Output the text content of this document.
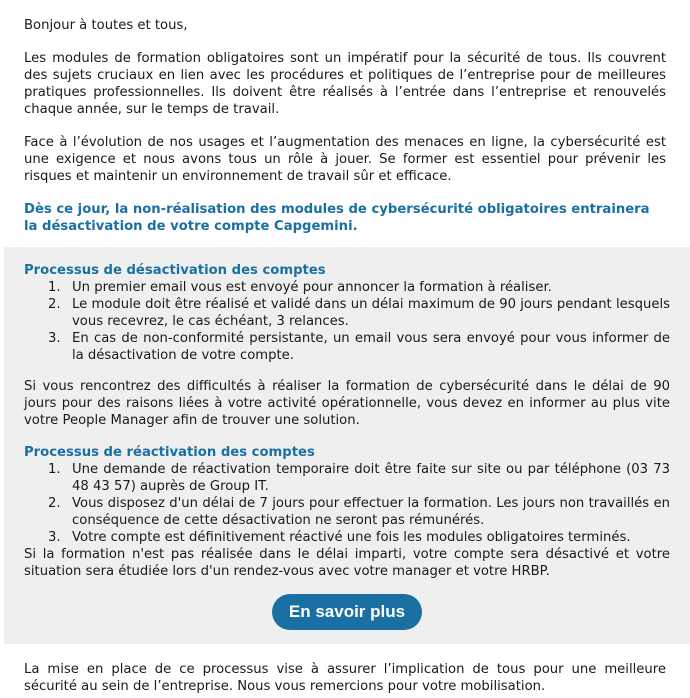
Bonjour à toutes et tous,

Les modules de formation obligatoires sont un impératif pour la sécurité de tous. Ils couvrent des sujets cruciaux en lien avec les procédures et politiques de l’entreprise pour de meilleures pratiques professionnelles. Ils doivent être réalisés à l’entrée dans l’entreprise et renouvelés chaque année, sur le temps de travail.

Face à l’évolution de nos usages et l’augmentation des menaces en ligne, la cybersécurité est une exigence et nous avons tous un rôle à jouer. Se former est essentiel pour prévenir les risques et maintenir un environnement de travail sûr et efficace.

Dès ce jour, la non-réalisation des modules de cybersécurité obligatoires entrainera la désactivation de votre compte Capgemini.

Processus de désactivation des comptes

1. Un premier email vous est envoyé pour annoncer la formation à réaliser.
2. Le module doit être réalisé et validé dans un délai maximum de 90 jours pendant lesquels vous recevrez, le cas échéant, 3 relances.
3. En cas de non-conformité persistante, un email vous sera envoyé pour vous informer de la désactivation de votre compte.

Si vous rencontrez des difficultés à réaliser la formation de cybersécurité dans le délai de 90 jours pour des raisons liées à votre activité opérationnelle, vous devez en informer au plus vite votre People Manager afin de trouver une solution.

Processus de réactivation des comptes

1. Une demande de réactivation temporaire doit être faite sur site ou par téléphone (03 73 48 43 57) auprès de Group IT.
2. Vous disposez d'un délai de 7 jours pour effectuer la formation. Les jours non travaillés en conséquence de cette désactivation ne seront pas rémunérés.
3. Votre compte est définitivement réactivé une fois les modules obligatoires terminés.

Si la formation n'est pas réalisée dans le délai imparti, votre compte sera désactivé et votre situation sera étudiée lors d'un rendez-vous avec votre manager et votre HRBP.

En savoir plus

La mise en place de ce processus vise à assurer l’implication de tous pour une meilleure sécurité au sein de l’entreprise. Nous vous remercions pour votre mobilisation.
